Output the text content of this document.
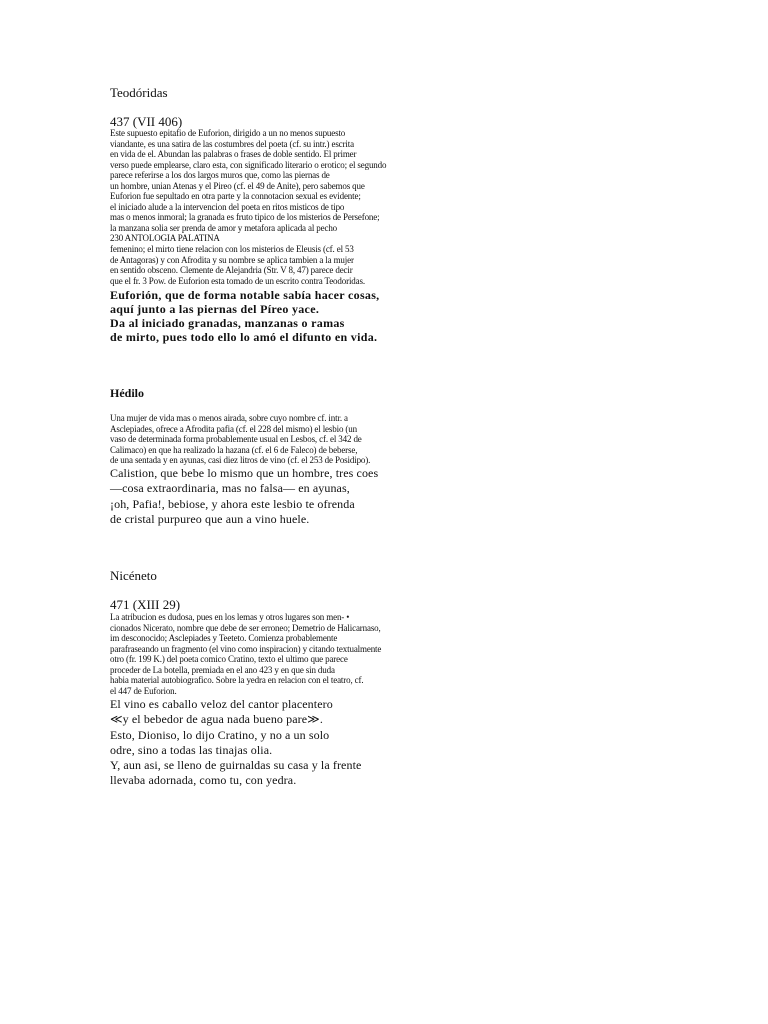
Teodóridas
437 (VII 406)
Este supuesto epitafio de Euforion, dirigido a un no menos supuesto
viandante, es una satira de las costumbres del poeta (cf. su intr.) escrita
en vida de el. Abundan las palabras o frases de doble sentido. El primer
verso puede emplearse, claro esta, con significado literario o erotico; el segundo
parece referirse a los dos largos muros que, como las piernas de
un hombre, unian Atenas y el Pireo (cf. el 49 de Anite), pero sabemos que
Euforion fue sepultado en otra parte y la connotacion sexual es evidente;
el iniciado alude a la intervencion del poeta en ritos misticos de tipo
mas o menos inmoral; la granada es fruto tipico de los misterios de Persefone;
la manzana solia ser prenda de amor y metafora aplicada al pecho
230 ANTOLOGIA PALATINA
femenino; el mirto tiene relacion con los misterios de Eleusis (cf. el 53
de Antagoras) y con Afrodita y su nombre se aplica tambien a la mujer
en sentido obsceno. Clemente de Alejandria (Str. V 8, 47) parece decir
que el fr. 3 Pow. de Euforion esta tomado de un escrito contra Teodoridas.
Euforión, que de forma notable sabía hacer cosas,
aquí junto a las piernas del Píreo yace.
Da al iniciado granadas, manzanas o ramas
de mirto, pues todo ello lo amó el difunto en vida.
Hédilo
Una mujer de vida mas o menos airada, sobre cuyo nombre cf. intr. a
Asclepiades, ofrece a Afrodita pafia (cf. el 228 del mismo) el lesbio (un
vaso de determinada forma probablemente usual en Lesbos, cf. el 342 de
Calimaco) en que ha realizado la hazana (cf. el 6 de Faleco) de beberse,
de una sentada y en ayunas, casi diez litros de vino (cf. el 253 de Posidipo).
Calistion, que bebe lo mismo que un hombre, tres coes
—cosa extraordinaria, mas no falsa— en ayunas,
¡oh, Pafia!, bebiose, y ahora este lesbio te ofrenda
de cristal purpureo que aun a vino huele.
Nicéneto
471 (XIII 29)
La atribucion es dudosa, pues en los lemas y otros lugares son men- •
cionados Nicerato, nombre que debe de ser erroneo; Demetrio de Halicarnaso,
im desconocido; Asclepiades y Teeteto. Comienza probablemente
parafraseando un fragmento (el vino como inspiracion) y citando textualmente
otro (fr. 199 K.) del poeta comico Cratino, texto el ultimo que parece
proceder de La botella, premiada en el ano 423 y en que sin duda
habia material autobiografico. Sobre la yedra en relacion con el teatro, cf.
el 447 de Euforion.
El vino es caballo veloz del cantor placentero
≪y el bebedor de agua nada bueno pare≫.
Esto, Dioniso, lo dijo Cratino, y no a un solo
odre, sino a todas las tinajas olia.
Y, aun asi, se lleno de guirnaldas su casa y la frente
llevaba adornada, como tu, con yedra.
